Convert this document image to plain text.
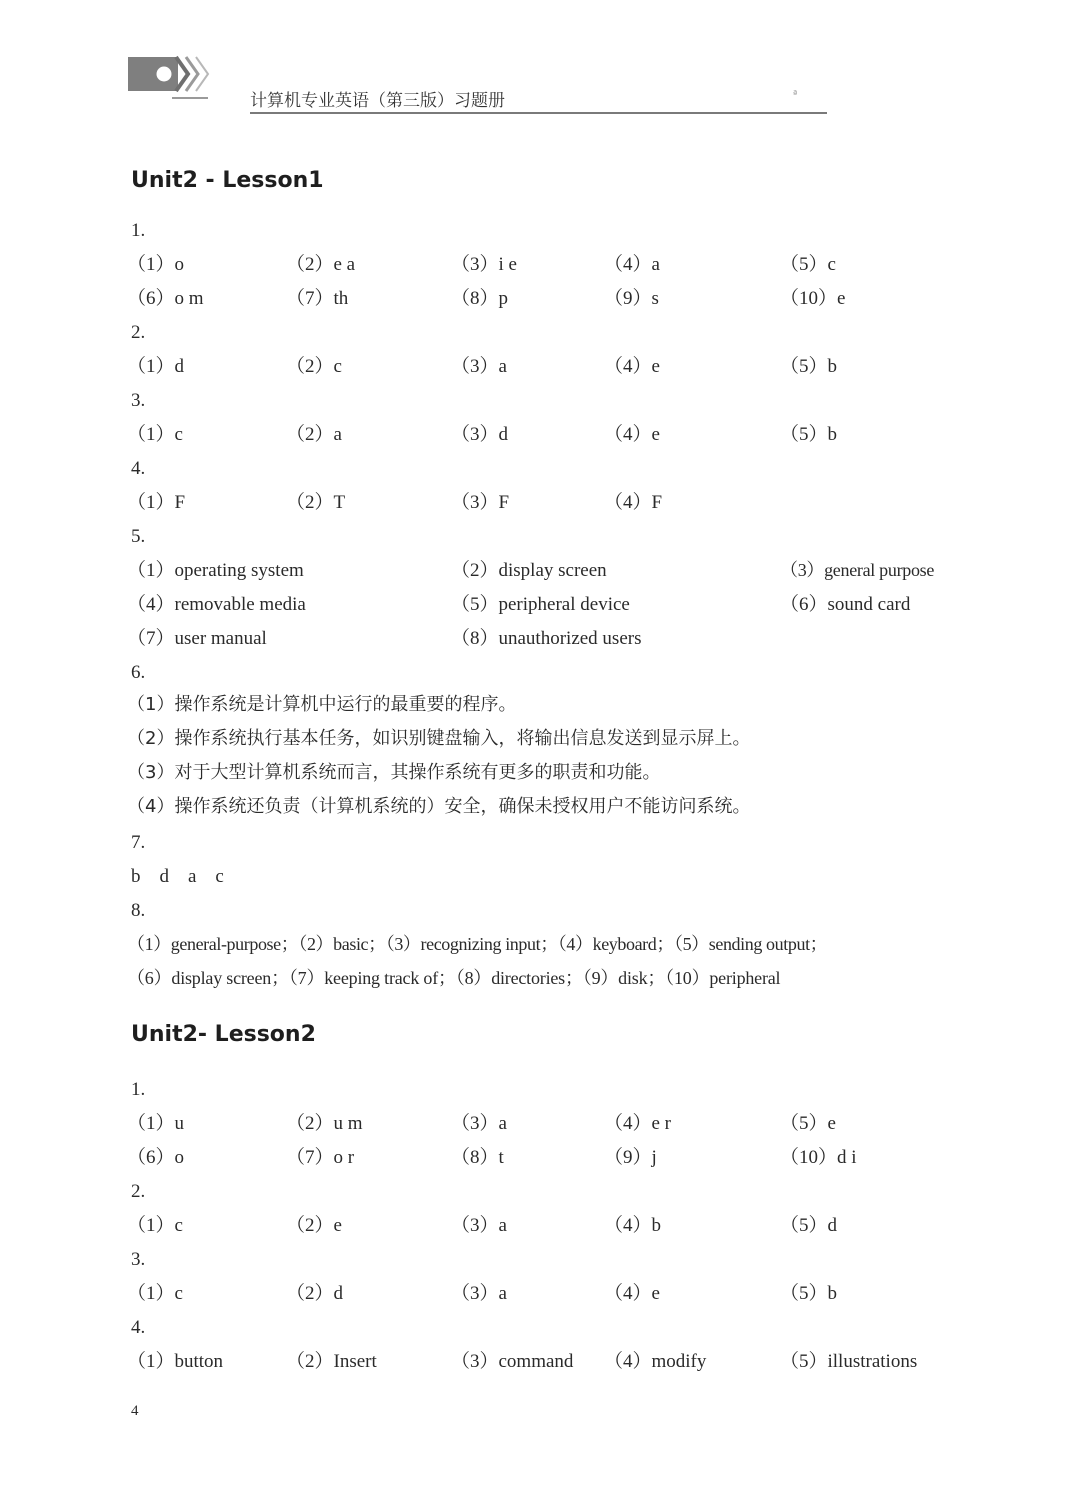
计算机专业英语（第三版）习题册	ª
Unit2 - Lesson1
1.
（1）o	（2）e a	（3）i e	（4）a	（5）c
（6）o m	（7）th	（8）p	（9）s	（10）e
2.
（1）d	（2）c	（3）a	（4）e	（5）b
3.
（1）c	（2）a	（3）d	（4）e	（5）b
4.
（1）F	（2）T	（3）F	（4）F
5.
（1）operating system	（2）display screen	（3）general purpose
（4）removable media	（5）peripheral device	（6）sound card
（7）user manual	（8）unauthorized users
6.
（1）操作系统是计算机中运行的最重要的程序。
（2）操作系统执行基本任务，如识别键盘输入，将输出信息发送到显示屏上。
（3）对于大型计算机系统而言，其操作系统有更多的职责和功能。
（4）操作系统还负责（计算机系统的）安全，确保未授权用户不能访问系统。
7.
b    d    a    c
8.
（1）general-purpose；（2）basic；（3）recognizing input；（4）keyboard；（5）sending output；
（6）display screen；（7）keeping track of；（8）directories；（9）disk；（10）peripheral
Unit2- Lesson2
1.
（1）u	（2）u m	（3）a	（4）e r	（5）e
（6）o	（7）o r	（8）t	（9）j	（10）d i
2.
（1）c	（2）e	（3）a	（4）b	（5）d
3.
（1）c	（2）d	（3）a	（4）e	（5）b
4.
（1）button	（2）Insert	（3）command （4）modify	（5）illustrations
4
